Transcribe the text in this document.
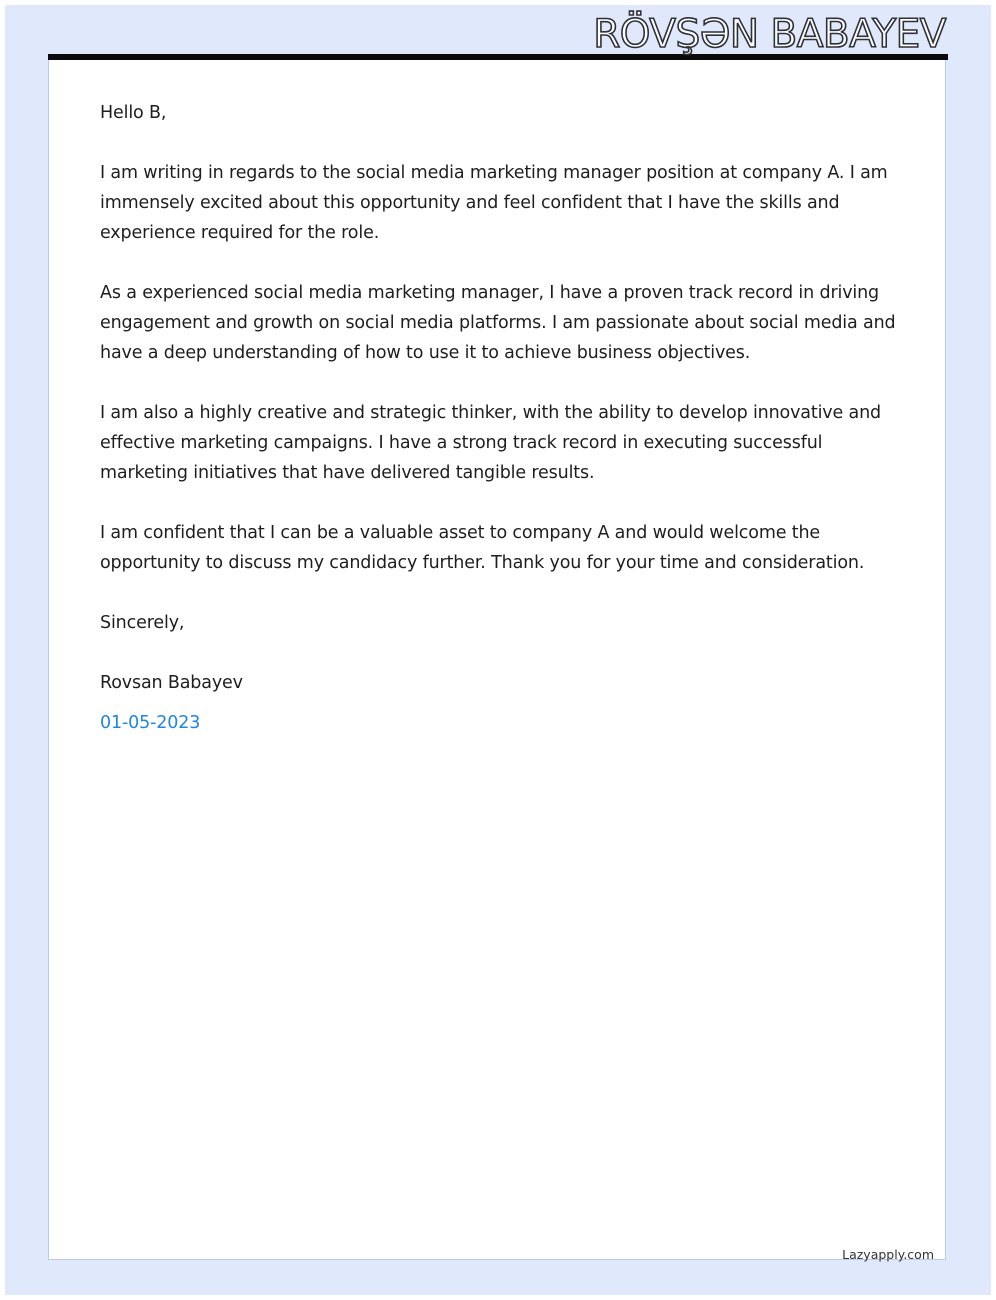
RÖVŞƏN BABAYEV

Hello B,

I am writing in regards to the social media marketing manager position at company A. I am immensely excited about this opportunity and feel confident that I have the skills and experience required for the role.

As a experienced social media marketing manager, I have a proven track record in driving engagement and growth on social media platforms. I am passionate about social media and have a deep understanding of how to use it to achieve business objectives.

I am also a highly creative and strategic thinker, with the ability to develop innovative and effective marketing campaigns. I have a strong track record in executing successful marketing initiatives that have delivered tangible results.

I am confident that I can be a valuable asset to company A and would welcome the opportunity to discuss my candidacy further. Thank you for your time and consideration.

Sincerely,

Rovsan Babayev

01-05-2023

Lazyapply.com
